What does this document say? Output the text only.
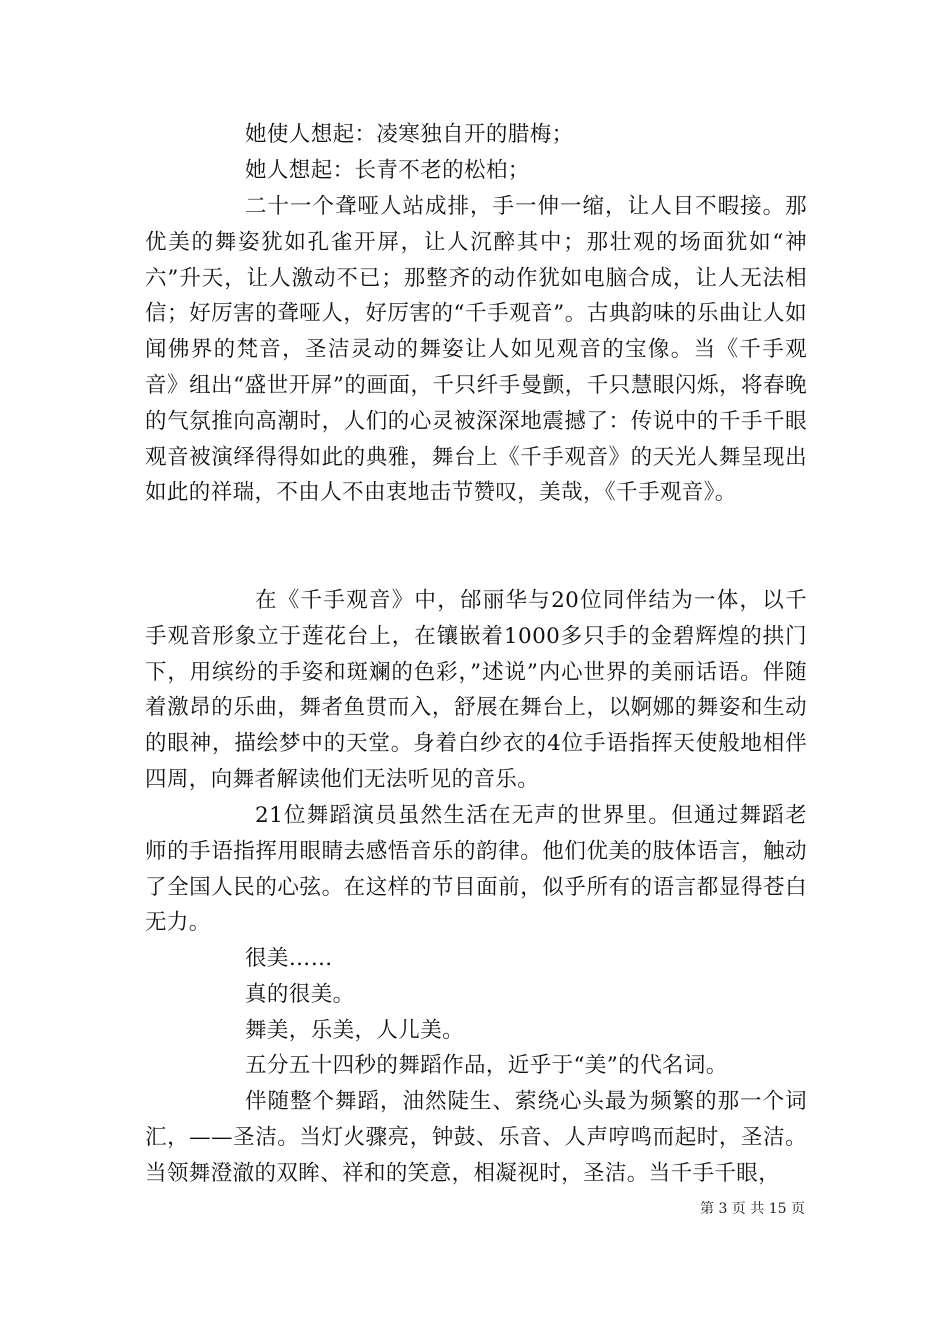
她使人想起：凌寒独自开的腊梅；

她人想起：长青不老的松柏；

二十一个聋哑人站成排，手一伸一缩，让人目不暇接。那优美的舞姿犹如孔雀开屏，让人沉醉其中；那壮观的场面犹如“神六”升天，让人激动不已；那整齐的动作犹如电脑合成，让人无法相信；好厉害的聋哑人，好厉害的“千手观音”。古典韵味的乐曲让人如闻佛界的梵音，圣洁灵动的舞姿让人如见观音的宝像。当《千手观音》组出“盛世开屏”的画面，千只纤手曼颤，千只慧眼闪烁，将春晚的气氛推向高潮时，人们的心灵被深深地震撼了：传说中的千手千眼观音被演绎得得如此的典雅，舞台上《千手观音》的天光人舞呈现出如此的祥瑞，不由人不由衷地击节赞叹，美哉，《千手观音》。

在《千手观音》中，邰丽华与20位同伴结为一体，以千手观音形象立于莲花台上，在镶嵌着1000多只手的金碧辉煌的拱门下，用缤纷的手姿和斑斓的色彩，”述说”内心世界的美丽话语。伴随着激昂的乐曲，舞者鱼贯而入，舒展在舞台上，以婀娜的舞姿和生动的眼神，描绘梦中的天堂。身着白纱衣的4位手语指挥天使般地相伴四周，向舞者解读他们无法听见的音乐。

21位舞蹈演员虽然生活在无声的世界里。但通过舞蹈老师的手语指挥用眼睛去感悟音乐的韵律。他们优美的肢体语言，触动了全国人民的心弦。在这样的节目面前，似乎所有的语言都显得苍白无力。

很美……

真的很美。

舞美，乐美，人儿美。

五分五十四秒的舞蹈作品，近乎于“美”的代名词。

伴随整个舞蹈，油然陡生、萦绕心头最为频繁的那一个词汇，——圣洁。当灯火骤亮，钟鼓、乐音、人声哼鸣而起时，圣洁。当领舞澄澈的双眸、祥和的笑意，相凝视时，圣洁。当千手千眼，

第 3 页 共 15 页
